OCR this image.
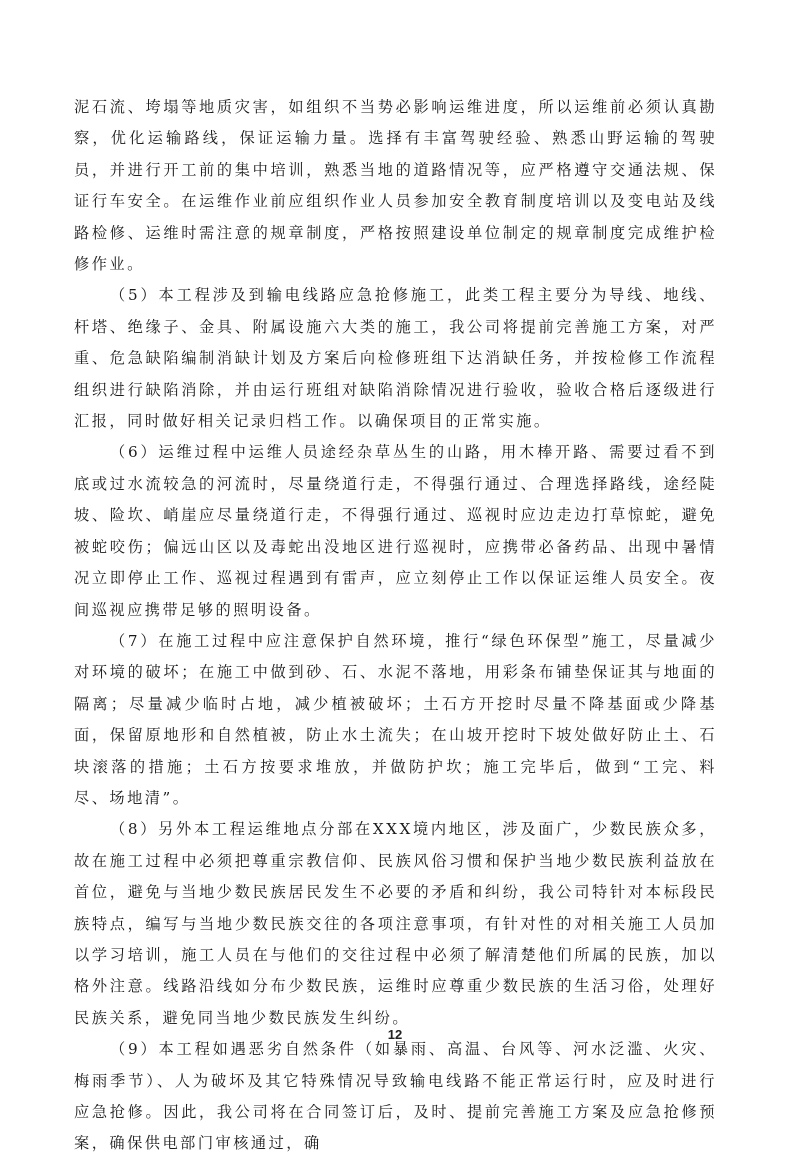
泥石流、垮塌等地质灾害，如组织不当势必影响运维进度，所以运维前必须认真勘察，优化运输路线，保证运输力量。选择有丰富驾驶经验、熟悉山野运输的驾驶员，并进行开工前的集中培训，熟悉当地的道路情况等，应严格遵守交通法规、保证行车安全。在运维作业前应组织作业人员参加安全教育制度培训以及变电站及线路检修、运维时需注意的规章制度，严格按照建设单位制定的规章制度完成维护检修作业。

（5）本工程涉及到输电线路应急抢修施工，此类工程主要分为导线、地线、杆塔、绝缘子、金具、附属设施六大类的施工，我公司将提前完善施工方案，对严重、危急缺陷编制消缺计划及方案后向检修班组下达消缺任务，并按检修工作流程组织进行缺陷消除，并由运行班组对缺陷消除情况进行验收，验收合格后逐级进行汇报，同时做好相关记录归档工作。以确保项目的正常实施。

（6）运维过程中运维人员途经杂草丛生的山路，用木棒开路、需要过看不到底或过水流较急的河流时，尽量绕道行走，不得强行通过、合理选择路线，途经陡坡、险坎、峭崖应尽量绕道行走，不得强行通过、巡视时应边走边打草惊蛇，避免被蛇咬伤；偏远山区以及毒蛇出没地区进行巡视时，应携带必备药品、出现中暑情况立即停止工作、巡视过程遇到有雷声，应立刻停止工作以保证运维人员安全。夜间巡视应携带足够的照明设备。

（7）在施工过程中应注意保护自然环境，推行“绿色环保型”施工，尽量减少对环境的破坏；在施工中做到砂、石、水泥不落地，用彩条布铺垫保证其与地面的隔离；尽量减少临时占地，减少植被破坏；土石方开挖时尽量不降基面或少降基面，保留原地形和自然植被，防止水土流失；在山坡开挖时下坡处做好防止土、石块滚落的措施；土石方按要求堆放，并做防护坎；施工完毕后，做到“工完、料尽、场地清”。

（8）另外本工程运维地点分部在XXX境内地区，涉及面广，少数民族众多，故在施工过程中必须把尊重宗教信仰、民族风俗习惯和保护当地少数民族利益放在首位，避免与当地少数民族居民发生不必要的矛盾和纠纷，我公司特针对本标段民族特点，编写与当地少数民族交往的各项注意事项，有针对性的对相关施工人员加以学习培训，施工人员在与他们的交往过程中必须了解清楚他们所属的民族，加以格外注意。线路沿线如分布少数民族，运维时应尊重少数民族的生活习俗，处理好民族关系，避免同当地少数民族发生纠纷。

（9）本工程如遇恶劣自然条件（如暴雨、高温、台风等、河水泛滥、火灾、梅雨季节）、人为破坏及其它特殊情况导致输电线路不能正常运行时，应及时进行应急抢修。因此，我公司将在合同签订后，及时、提前完善施工方案及应急抢修预案，确保供电部门审核通过，确

12
